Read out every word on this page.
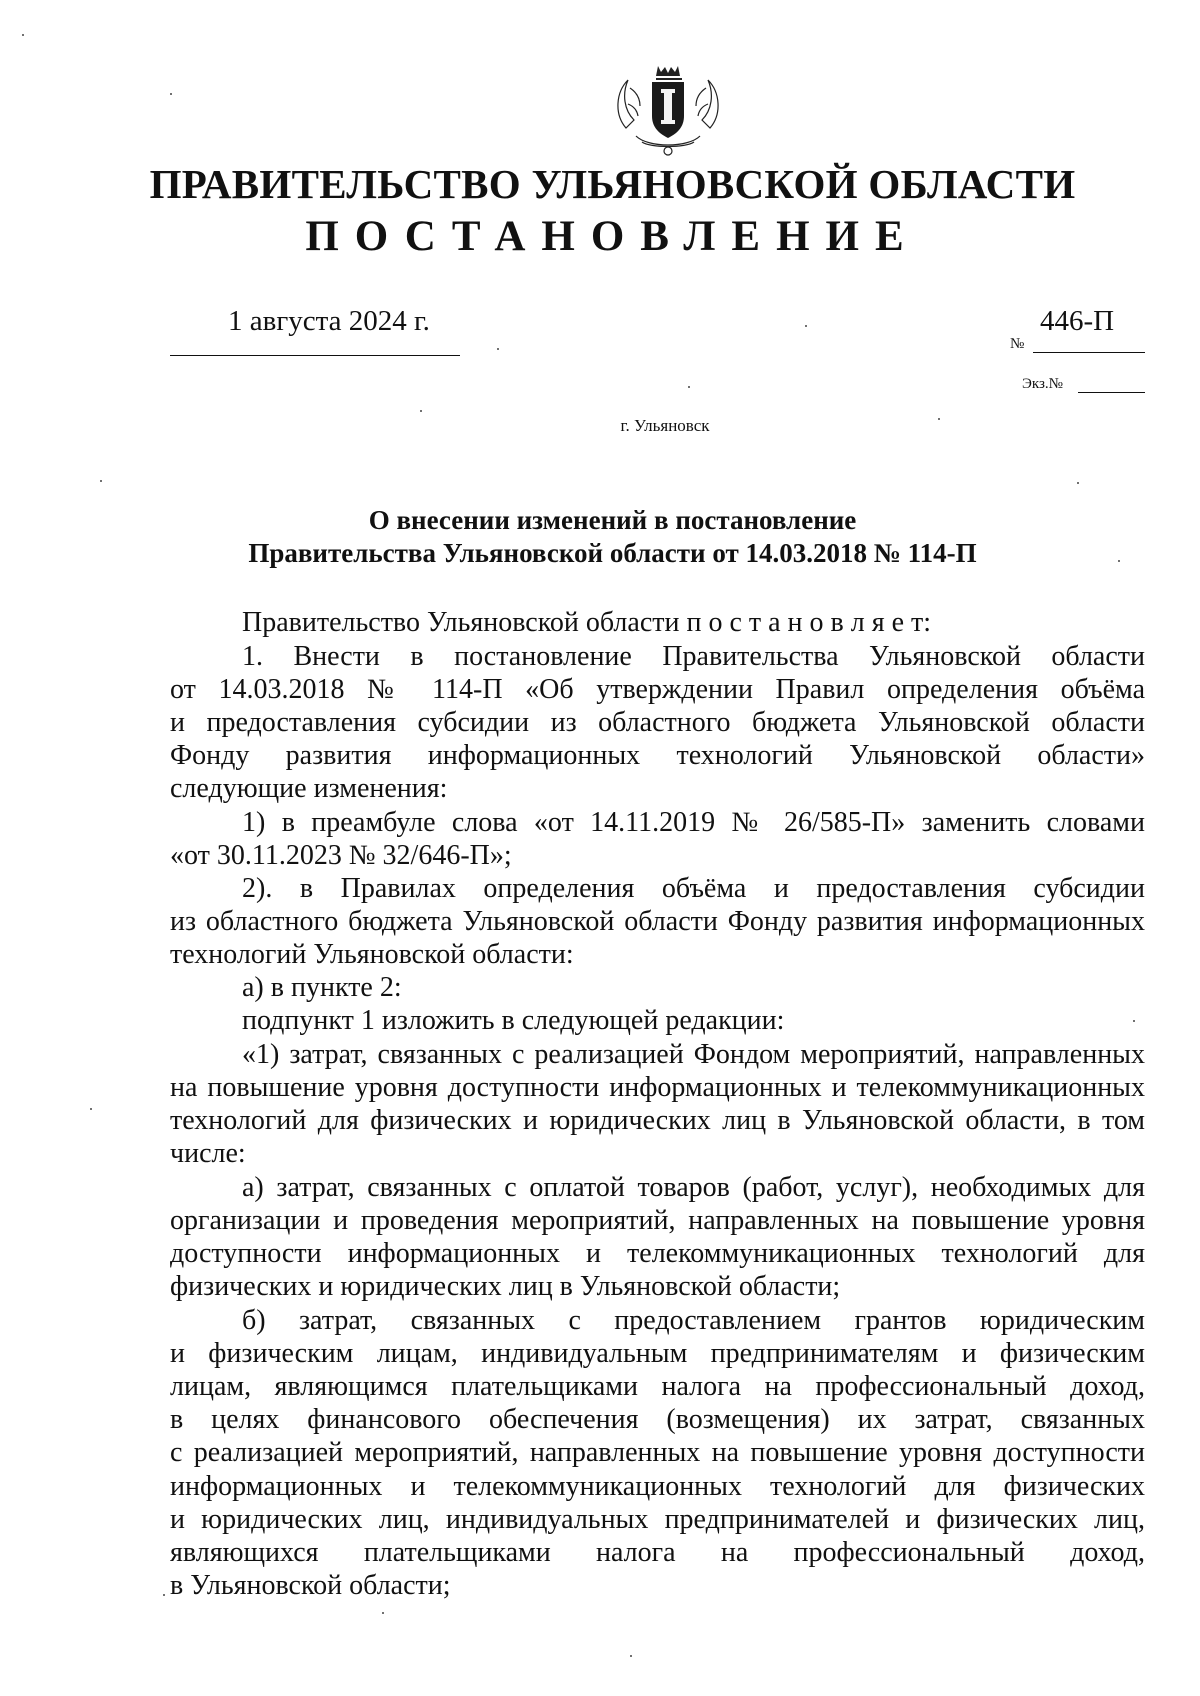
ПРАВИТЕЛЬСТВО УЛЬЯНОВСКОЙ ОБЛАСТИ
ПОСТАНОВЛЕНИЕ
1 августа 2024 г.	446-П
№
Экз.№
г. Ульяновск
О внесении изменений в постановление
Правительства Ульяновской области от 14.03.2018 № 114-П
Правительство Ульяновской области п о с т а н о в л я е т:
1. Внести в постановление Правительства Ульяновской области
от 14.03.2018 № 114-П «Об утверждении Правил определения объёма
и предоставления субсидии из областного бюджета Ульяновской области
Фонду развития информационных технологий Ульяновской области»
следующие изменения:
1) в преамбуле слова «от 14.11.2019 № 26/585-П» заменить словами
«от 30.11.2023 № 32/646-П»;
2). в Правилах определения объёма и предоставления субсидии
из областного бюджета Ульяновской области Фонду развития информационных
технологий Ульяновской области:
а) в пункте 2:
подпункт 1 изложить в следующей редакции:
«1) затрат, связанных с реализацией Фондом мероприятий, направленных
на повышение уровня доступности информационных и телекоммуникационных
технологий для физических и юридических лиц в Ульяновской области, в том
числе:
а) затрат, связанных с оплатой товаров (работ, услуг), необходимых для
организации и проведения мероприятий, направленных на повышение уровня
доступности информационных и телекоммуникационных технологий для
физических и юридических лиц в Ульяновской области;
б) затрат, связанных с предоставлением грантов юридическим
и физическим лицам, индивидуальным предпринимателям и физическим
лицам, являющимся плательщиками налога на профессиональный доход,
в целях финансового обеспечения (возмещения) их затрат, связанных
с реализацией мероприятий, направленных на повышение уровня доступности
информационных и телекоммуникационных технологий для физических
и юридических лиц, индивидуальных предпринимателей и физических лиц,
являющихся плательщиками налога на профессиональный доход,
в Ульяновской области;
